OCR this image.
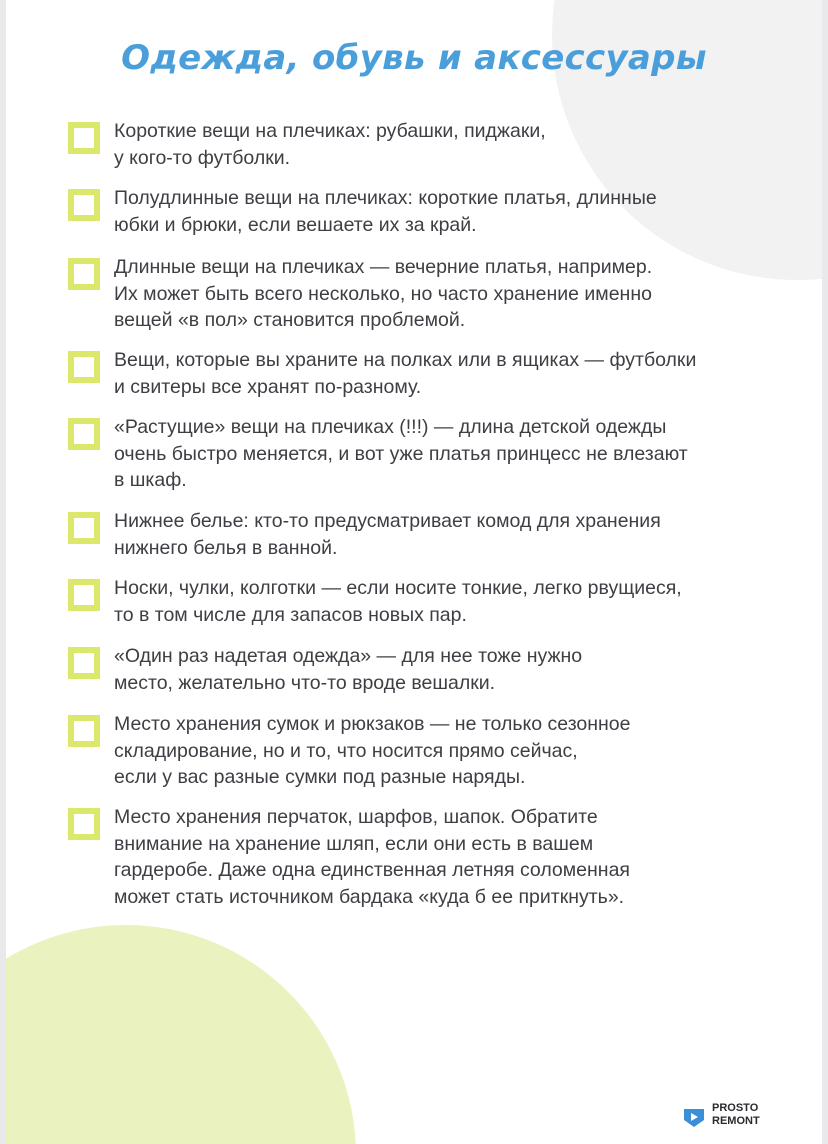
Одежда, обувь и аксессуары

Короткие вещи на плечиках: рубашки, пиджаки,
у кого-то футболки.

Полудлинные вещи на плечиках: короткие платья, длинные
юбки и брюки, если вешаете их за край.

Длинные вещи на плечиках — вечерние платья, например.
Их может быть всего несколько, но часто хранение именно
вещей «в пол» становится проблемой.

Вещи, которые вы храните на полках или в ящиках — футболки
и свитеры все хранят по-разному.

«Растущие» вещи на плечиках (!!!) — длина детской одежды
очень быстро меняется, и вот уже платья принцесс не влезают
в шкаф.

Нижнее белье: кто-то предусматривает комод для хранения
нижнего белья в ванной.

Носки, чулки, колготки — если носите тонкие, легко рвущиеся,
то в том числе для запасов новых пар.

«Один раз надетая одежда» — для нее тоже нужно
место, желательно что-то вроде вешалки.

Место хранения сумок и рюкзаков — не только сезонное
складирование, но и то, что носится прямо сейчас,
если у вас разные сумки под разные наряды.

Место хранения перчаток, шарфов, шапок. Обратите
внимание на хранение шляп, если они есть в вашем
гардеробе. Даже одна единственная летняя соломенная
может стать источником бардака «куда б ее приткнуть».

PROSTO
REMONT
